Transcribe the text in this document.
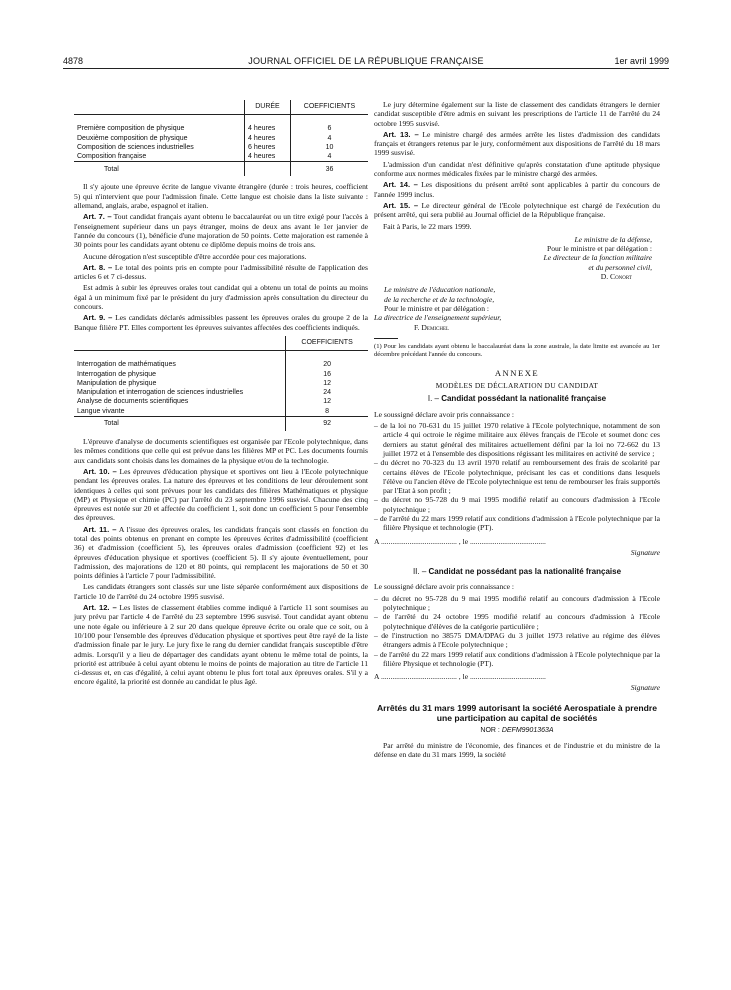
4878	JOURNAL OFFICIEL DE LA RÉPUBLIQUE FRANÇAISE	1er avril 1999
	DURÉE	COEFFICIENTS

Première composition de physique	4 heures	6
Deuxième composition de physique	4 heures	4
Composition de sciences industrielles	6 heures	10
Composition française	4 heures	4
Total		36

Il s'y ajoute une épreuve écrite de langue vivante étrangère (durée : trois heures, coefficient 5) qui n'intervient que pour l'admission finale. Cette langue est choisie dans la liste suivante : allemand, anglais, arabe, espagnol et italien.

Art. 7. – Tout candidat français ayant obtenu le baccalauréat ou un titre exigé pour l'accès à l'enseignement supérieur dans un pays étranger, moins de deux ans avant le 1er janvier de l'année du concours (1), bénéficie d'une majoration de 50 points. Cette majoration est ramenée à 30 points pour les candidats ayant obtenu ce diplôme depuis moins de trois ans.

Aucune dérogation n'est susceptible d'être accordée pour ces majorations.

Art. 8. – Le total des points pris en compte pour l'admissibilité résulte de l'application des articles 6 et 7 ci-dessus.

Est admis à subir les épreuves orales tout candidat qui a obtenu un total de points au moins égal à un minimum fixé par le président du jury d'admission après consultation du directeur du concours.

Art. 9. – Les candidats déclarés admissibles passent les épreuves orales du groupe 2 de la Banque filière PT. Elles comportent les épreuves suivantes affectées des coefficients indiqués.

	COEFFICIENTS

Interrogation de mathématiques	20
Interrogation de physique	16
Manipulation de physique	12
Manipulation et interrogation de sciences industrielles	24
Analyse de documents scientifiques	12
Langue vivante	8
Total	92

L'épreuve d'analyse de documents scientifiques est organisée par l'Ecole polytechnique, dans les mêmes conditions que celle qui est prévue dans les filières MP et PC. Les documents fournis aux candidats sont choisis dans les domaines de la physique et/ou de la technologie.

Art. 10. – Les épreuves d'éducation physique et sportives ont lieu à l'Ecole polytechnique pendant les épreuves orales. La nature des épreuves et les conditions de leur déroulement sont identiques à celles qui sont prévues pour les candidats des filières Mathématiques et physique (MP) et Physique et chimie (PC) par l'arrêté du 23 septembre 1996 susvisé. Chacune des cinq épreuves est notée sur 20 et affectée du coefficient 1, soit donc un coefficient 5 pour l'ensemble des épreuves.

Art. 11. – A l'issue des épreuves orales, les candidats français sont classés en fonction du total des points obtenus en prenant en compte les épreuves écrites d'admissibilité (coefficient 36) et d'admission (coefficient 5), les épreuves orales d'admission (coefficient 92) et les épreuves d'éducation physique et sportives (coefficient 5). Il s'y ajoute éventuellement, pour l'admission, des majorations de 120 et 80 points, qui remplacent les majorations de 50 et 30 points définies à l'article 7 pour l'admissibilité.

Les candidats étrangers sont classés sur une liste séparée conformément aux dispositions de l'article 10 de l'arrêté du 24 octobre 1995 susvisé.

Art. 12. – Les listes de classement établies comme indiqué à l'article 11 sont soumises au jury prévu par l'article 4 de l'arrêté du 23 septembre 1996 susvisé. Tout candidat ayant obtenu une note égale ou inférieure à 2 sur 20 dans quelque épreuve écrite ou orale que ce soit, ou à 10/100 pour l'ensemble des épreuves d'éducation physique et sportives peut être rayé de la liste d'admission finale par le jury. Le jury fixe le rang du dernier candidat français susceptible d'être admis. Lorsqu'il y a lieu de départager des candidats ayant obtenu le même total de points, la priorité est attribuée à celui ayant obtenu le moins de points de majoration au titre de l'article 11 ci-dessus et, en cas d'égalité, à celui ayant obtenu le plus fort total aux épreuves orales. S'il y a encore égalité, la priorité est donnée au candidat le plus âgé.

Le jury détermine également sur la liste de classement des candidats étrangers le dernier candidat susceptible d'être admis en suivant les prescriptions de l'article 11 de l'arrêté du 24 octobre 1995 susvisé.

Art. 13. – Le ministre chargé des armées arrête les listes d'admission des candidats français et étrangers retenus par le jury, conformément aux dispositions de l'arrêté du 18 mars 1999 susvisé.

L'admission d'un candidat n'est définitive qu'après constatation d'une aptitude physique conforme aux normes médicales fixées par le ministre chargé des armées.

Art. 14. – Les dispositions du présent arrêté sont applicables à partir du concours de l'année 1999 inclus.

Art. 15. – Le directeur général de l'Ecole polytechnique est chargé de l'exécution du présent arrêté, qui sera publié au Journal officiel de la République française.

Fait à Paris, le 22 mars 1999.

Le ministre de la défense,
Pour le ministre et par délégation :
Le directeur de la fonction militaire
et du personnel civil,
D. Conort
Le ministre de l'éducation nationale,
de la recherche et de la technologie,
Pour le ministre et par délégation :
La directrice de l'enseignement supérieur,
F. Demichel
(1) Pour les candidats ayant obtenu le baccalauréat dans la zone australe, la date limite est avancée au 1er décembre précédant l'année du concours.
ANNEXE
MODÈLES DE DÉCLARATION DU CANDIDAT
I. – Candidat possédant la nationalité française

Le soussigné déclare avoir pris connaissance :

– de la loi no 70-631 du 15 juillet 1970 relative à l'Ecole polytechnique, notamment de son article 4 qui octroie le régime militaire aux élèves français de l'Ecole et soumet donc ces derniers au statut général des militaires actuellement défini par la loi no 72-662 du 13 juillet 1972 et à l'ensemble des dispositions régissant les militaires en activité de service ;
– du décret no 70-323 du 13 avril 1970 relatif au remboursement des frais de scolarité par certains élèves de l'Ecole polytechnique, précisant les cas et conditions dans lesquels l'élève ou l'ancien élève de l'Ecole polytechnique est tenu de rembourser les frais supportés par l'Etat à son profit ;
– du décret no 95-728 du 9 mai 1995 modifié relatif au concours d'admission à l'Ecole polytechnique ;
– de l'arrêté du 22 mars 1999 relatif aux conditions d'admission à l'Ecole polytechnique par la filière Physique et technologie (PT).
A ........................................ , le ........................................
Signature
II. – Candidat ne possédant pas la nationalité française

Le soussigné déclare avoir pris connaissance :

– du décret no 95-728 du 9 mai 1995 modifié relatif au concours d'admission à l'Ecole polytechnique ;
– de l'arrêté du 24 octobre 1995 modifié relatif au concours d'admission à l'Ecole polytechnique d'élèves de la catégorie particulière ;
– de l'instruction no 38575 DMA/DPAG du 3 juillet 1973 relative au régime des élèves étrangers admis à l'Ecole polytechnique ;
– de l'arrêté du 22 mars 1999 relatif aux conditions d'admission à l'Ecole polytechnique par la filière Physique et technologie (PT).
A ........................................ , le ........................................
Signature
Arrêtés du 31 mars 1999 autorisant la société Aerospatiale à prendre une participation au capital de sociétés
NOR : DEFM9901363A

Par arrêté du ministre de l'économie, des finances et de l'industrie et du ministre de la défense en date du 31 mars 1999, la société
